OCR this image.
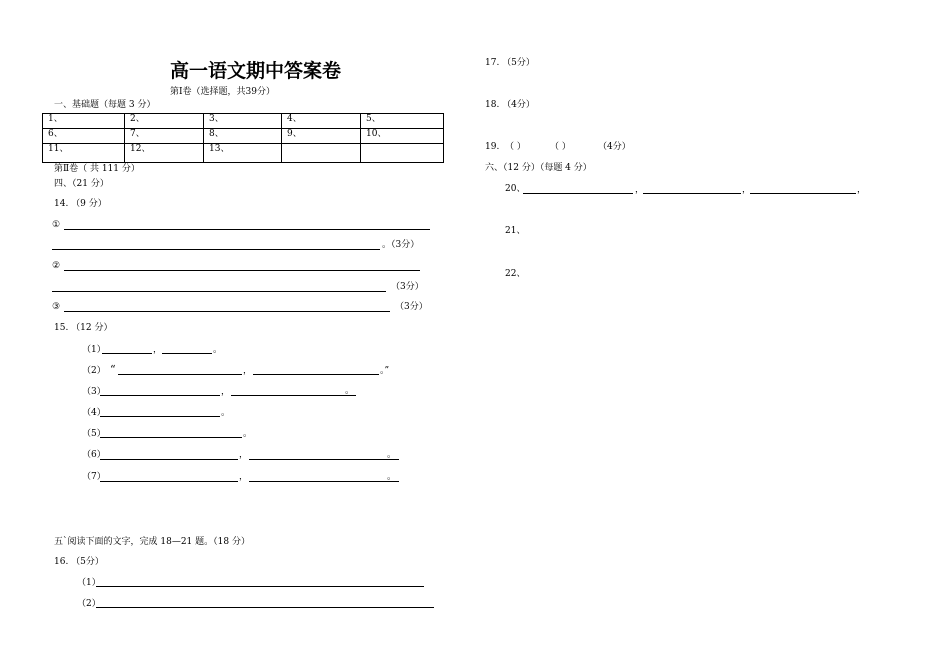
高一语文期中答案卷
第Ⅰ卷（选择题，共39分）
一、基础题（每题 3 分）
1、	2、	3、	4、	5、
6、	7、	8、	9、	10、
11、	12、	13、		
第Ⅱ卷（ 共 111 分）
四、（21 分）
14. （9 分）
①
。（3分）
②
（3分）
③	（3分）
15. （12 分）
（1）	，	。
（2） “	，	。”
（3）	，	。
（4）	。
（5）	。
（6）	，	。
（7）	，	。
五`阅读下面的文字，完成 18—21 题。（18 分）
16. （5分）
（1）
（2）
17. （5分）
18. （4分）
19. （ ）	（ ）	（4分）
六、（12 分）（每题 4 分）
20、	，	，	，
21、
22、
